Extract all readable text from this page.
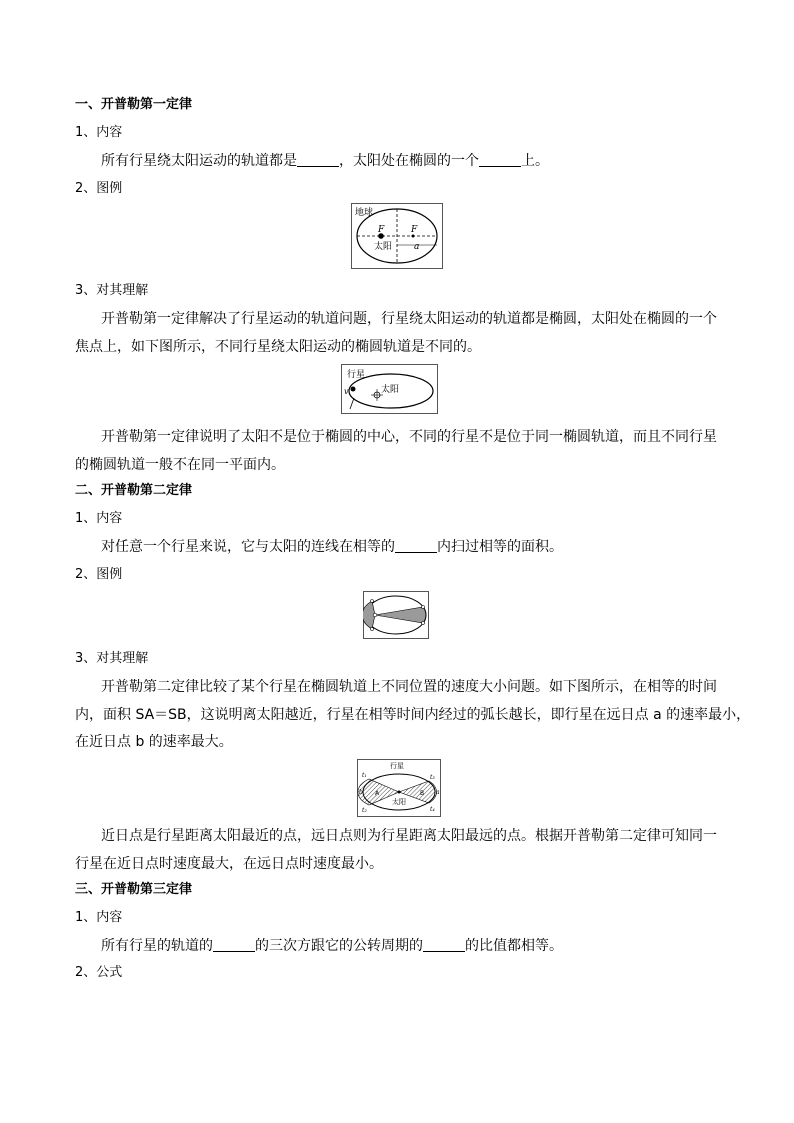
一、开普勒第一定律
1、内容
所有行星绕太阳运动的轨道都是	，太阳处在椭圆的一个	上。
2、图例
地球
F	F
太阳 a
3、对其理解
开普勒第一定律解决了行星运动的轨道问题，行星绕太阳运动的轨道都是椭圆，太阳处在椭圆的一个
焦点上，如下图所示，不同行星绕太阳运动的椭圆轨道是不同的。
行星
v	太阳
开普勒第一定律说明了太阳不是位于椭圆的中心，不同的行星不是位于同一椭圆轨道，而且不同行星
的椭圆轨道一般不在同一平面内。
二、开普勒第二定律
1、内容
对任意一个行星来说，它与太阳的连线在相等的	内扫过相等的面积。
2、图例
3、对其理解
开普勒第二定律比较了某个行星在椭圆轨道上不同位置的速度大小问题。如下图所示，在相等的时间
内，面积 SA＝SB，这说明离太阳越近，行星在相等时间内经过的弧长越长，即行星在远日点 a 的速率最小，
在近日点 b 的速率最大。
行星
太阳
t₁
t₂
t₃
t₄
a
b A	B
近日点是行星距离太阳最近的点，远日点则为行星距离太阳最远的点。根据开普勒第二定律可知同一
行星在近日点时速度最大，在远日点时速度最小。
三、开普勒第三定律
1、内容
所有行星的轨道的	的三次方跟它的公转周期的	的比值都相等。
2、公式
